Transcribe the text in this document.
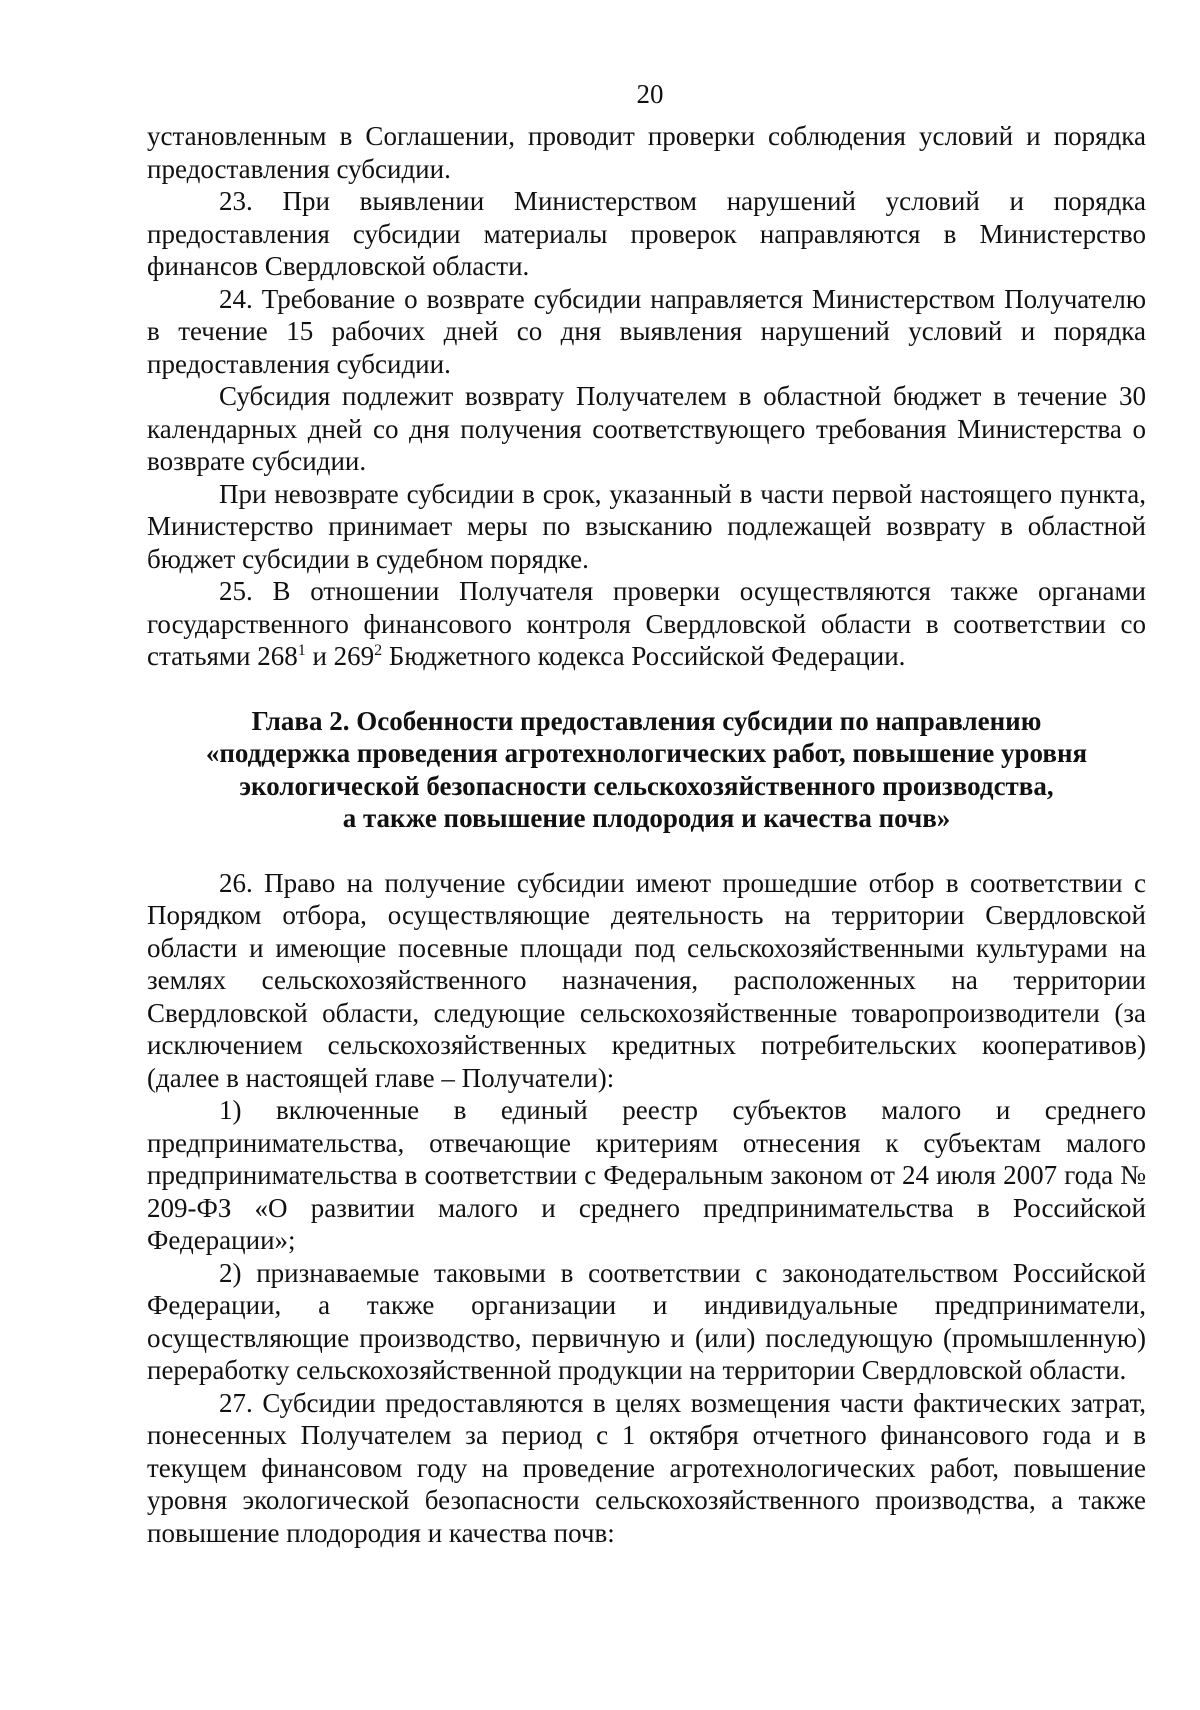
20

установленным в Соглашении, проводит проверки соблюдения условий и порядка предоставления субсидии.

23. При выявлении Министерством нарушений условий и порядка предоставления субсидии материалы проверок направляются в Министерство финансов Свердловской области.

24. Требование о возврате субсидии направляется Министерством Получателю в течение 15 рабочих дней со дня выявления нарушений условий и порядка предоставления субсидии.

Субсидия подлежит возврату Получателем в областной бюджет в течение 30 календарных дней со дня получения соответствующего требования Министерства о возврате субсидии.

При невозврате субсидии в срок, указанный в части первой настоящего пункта, Министерство принимает меры по взысканию подлежащей возврату в областной бюджет субсидии в судебном порядке.

25. В отношении Получателя проверки осуществляются также органами государственного финансового контроля Свердловской области в соответствии со статьями $268^1$ и $269^2$ Бюджетного кодекса Российской Федерации.

Глава 2. Особенности предоставления субсидии по направлению
«поддержка проведения агротехнологических работ, повышение уровня
экологической безопасности сельскохозяйственного производства,
а также повышение плодородия и качества почв»

26. Право на получение субсидии имеют прошедшие отбор в соответствии с Порядком отбора, осуществляющие деятельность на территории Свердловской области и имеющие посевные площади под сельскохозяйственными культурами на землях сельскохозяйственного назначения, расположенных на территории Свердловской области, следующие сельскохозяйственные товаропроизводители (за исключением сельскохозяйственных кредитных потребительских кооперативов) (далее в настоящей главе – Получатели):

1) включенные в единый реестр субъектов малого и среднего предпринимательства, отвечающие критериям отнесения к субъектам малого предпринимательства в соответствии с Федеральным законом от 24 июля 2007 года № 209-ФЗ «О развитии малого и среднего предпринимательства в Российской Федерации»;

2) признаваемые таковыми в соответствии с законодательством Российской Федерации, а также организации и индивидуальные предприниматели, осуществляющие производство, первичную и (или) последующую (промышленную) переработку сельскохозяйственной продукции на территории Свердловской области.

27. Субсидии предоставляются в целях возмещения части фактических затрат, понесенных Получателем за период с 1 октября отчетного финансового года и в текущем финансовом году на проведение агротехнологических работ, повышение уровня экологической безопасности сельскохозяйственного производства, а также повышение плодородия и качества почв:
